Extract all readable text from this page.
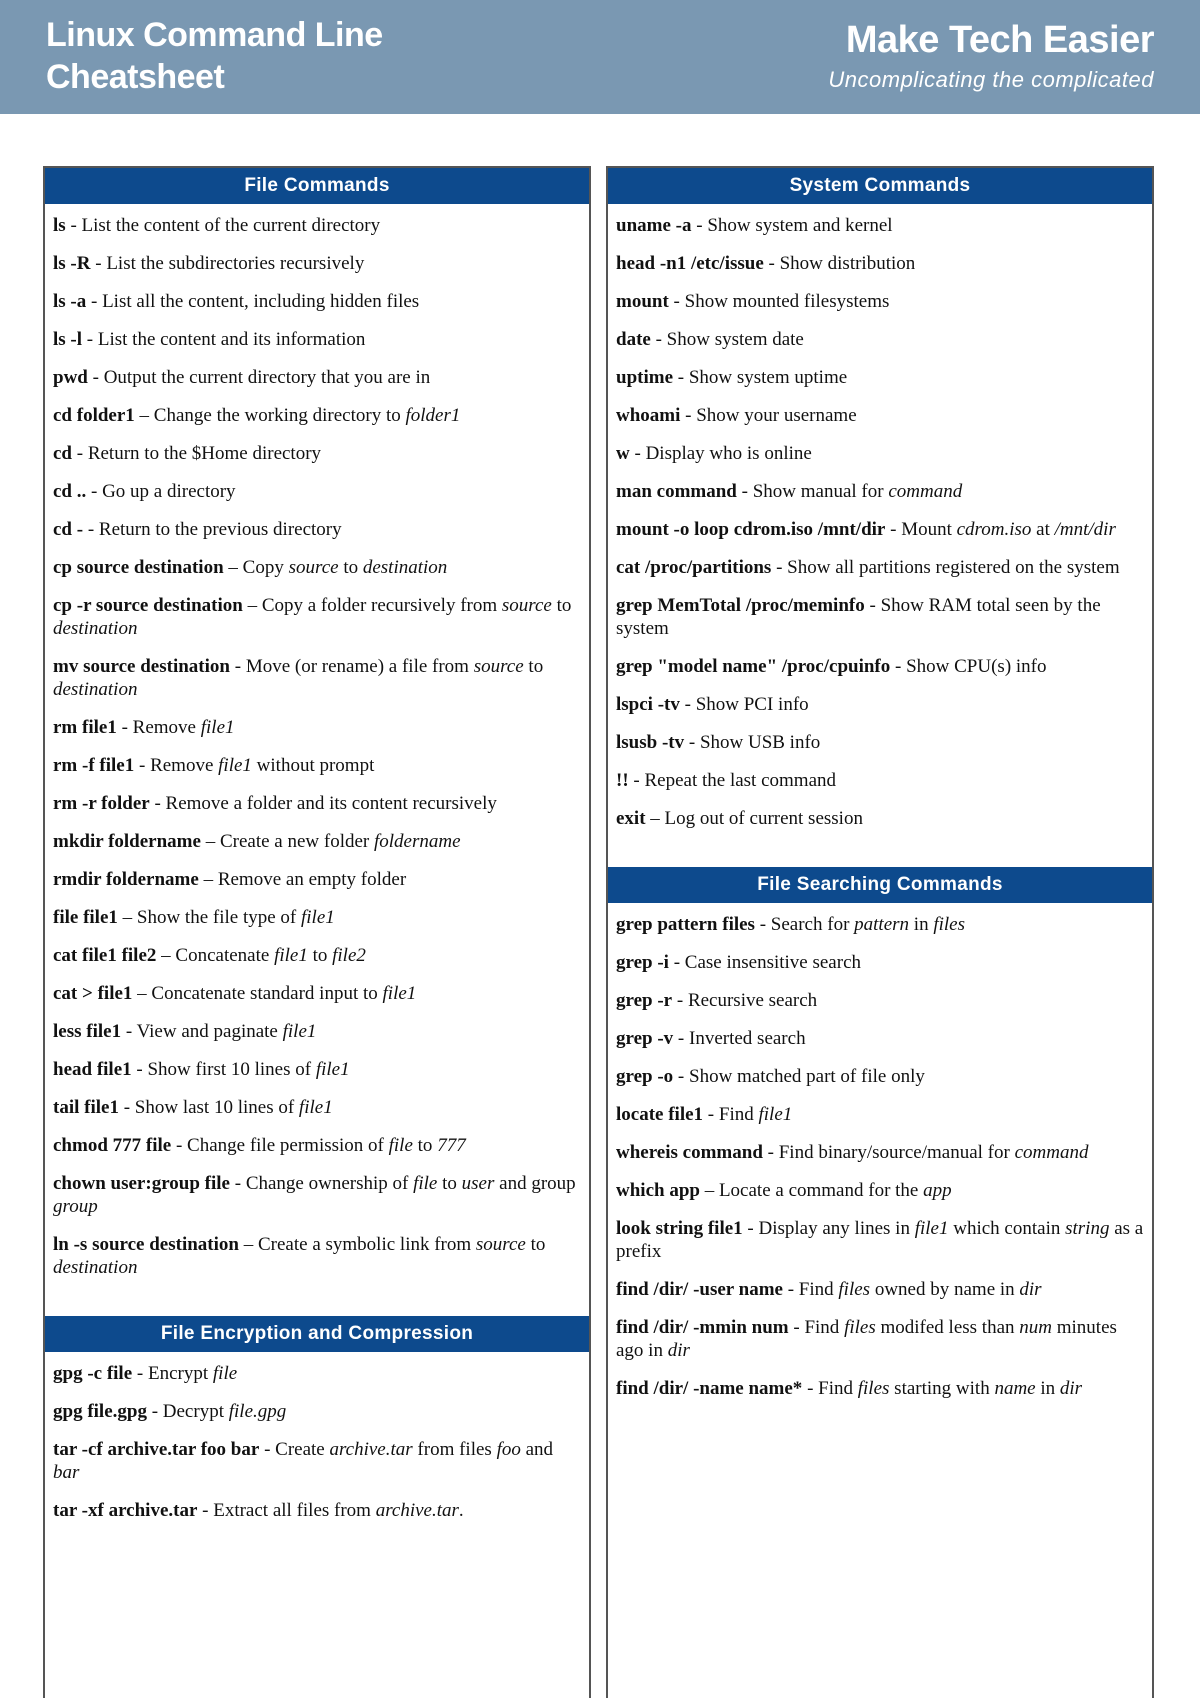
Linux Command Line
Cheatsheet
Make Tech Easier
Uncomplicating the complicated
File Commands

ls - List the content of the current directory

ls -R - List the subdirectories recursively

ls -a - List all the content, including hidden files

ls -l - List the content and its information

pwd - Output the current directory that you are in

cd folder1 – Change the working directory to folder1

cd - Return to the $Home directory

cd .. - Go up a directory

cd - - Return to the previous directory

cp source destination – Copy source to destination

cp -r source destination – Copy a folder recursively from source to destination

mv source destination - Move (or rename) a file from source to destination

rm file1 - Remove file1

rm -f file1 - Remove file1 without prompt

rm -r folder - Remove a folder and its content recursively

mkdir foldername – Create a new folder foldername

rmdir foldername – Remove an empty folder

file file1 – Show the file type of file1

cat file1 file2 – Concatenate file1 to file2

cat > file1 – Concatenate standard input to file1

less file1 - View and paginate file1

head file1 - Show first 10 lines of file1

tail file1 - Show last 10 lines of file1

chmod 777 file - Change file permission of file to 777

chown user:group file - Change ownership of file to user and group group

ln -s source destination – Create a symbolic link from source to destination

File Encryption and Compression

gpg -c file - Encrypt file

gpg file.gpg - Decrypt file.gpg

tar -cf archive.tar foo bar - Create archive.tar from files foo and bar

tar -xf archive.tar - Extract all files from archive.tar.

System Commands

uname -a - Show system and kernel

head -n1 /etc/issue - Show distribution

mount - Show mounted filesystems

date - Show system date

uptime - Show system uptime

whoami - Show your username

w - Display who is online

man command - Show manual for command

mount -o loop cdrom.iso /mnt/dir - Mount cdrom.iso at /mnt/dir

cat /proc/partitions - Show all partitions registered on the system

grep MemTotal /proc/meminfo - Show RAM total seen by the system

grep "model name" /proc/cpuinfo - Show CPU(s) info

lspci -tv - Show PCI info

lsusb -tv - Show USB info

!! - Repeat the last command

exit – Log out of current session

File Searching Commands

grep pattern files - Search for pattern in files

grep -i - Case insensitive search

grep -r - Recursive search

grep -v - Inverted search

grep -o - Show matched part of file only

locate file1 - Find file1

whereis command - Find binary/source/manual for command

which app – Locate a command for the app

look string file1 - Display any lines in file1 which contain string as a prefix

find /dir/ -user name - Find files owned by name in dir

find /dir/ -mmin num - Find files modifed less than num minutes ago in dir

find /dir/ -name name* - Find files starting with name in dir
